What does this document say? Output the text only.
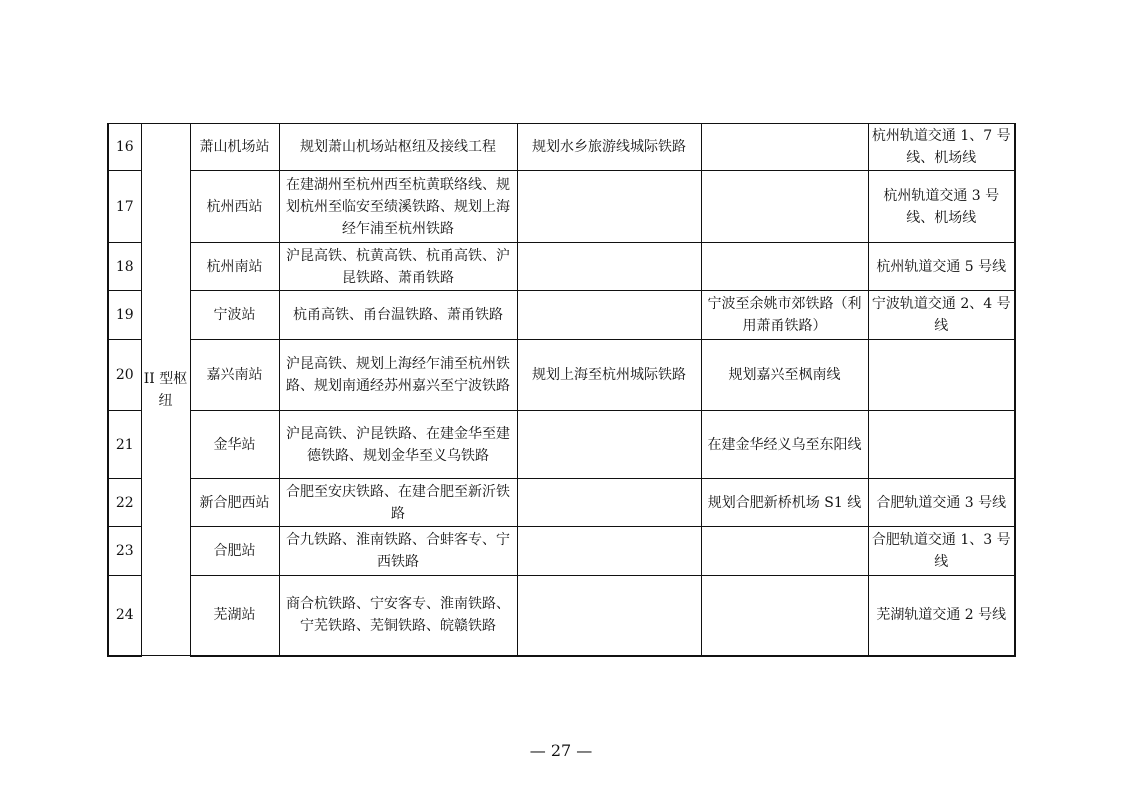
16	II 型枢纽	萧山机场站	规划萧山机场站枢纽及接线工程	规划水乡旅游线城际铁路		杭州轨道交通 1、7 号线、机场线
17		杭州西站	在建湖州至杭州西至杭黄联络线、规划杭州至临安至绩溪铁路、规划上海经乍浦至杭州铁路			杭州轨道交通 3 号线、机场线
18		杭州南站	沪昆高铁、杭黄高铁、杭甬高铁、沪昆铁路、萧甬铁路			杭州轨道交通 5 号线
19		宁波站	杭甬高铁、甬台温铁路、萧甬铁路		宁波至余姚市郊铁路（利用萧甬铁路）	宁波轨道交通 2、4 号线
20		嘉兴南站	沪昆高铁、规划上海经乍浦至杭州铁路、规划南通经苏州嘉兴至宁波铁路	规划上海至杭州城际铁路	规划嘉兴至枫南线	
21		金华站	沪昆高铁、沪昆铁路、在建金华至建德铁路、规划金华至义乌铁路		在建金华经义乌至东阳线	
22		新合肥西站	合肥至安庆铁路、在建合肥至新沂铁路		规划合肥新桥机场 S1 线	合肥轨道交通 3 号线
23		合肥站	合九铁路、淮南铁路、合蚌客专、宁西铁路			合肥轨道交通 1、3 号线
24		芜湖站	商合杭铁路、宁安客专、淮南铁路、宁芜铁路、芜铜铁路、皖赣铁路			芜湖轨道交通 2 号线
— 27 —
